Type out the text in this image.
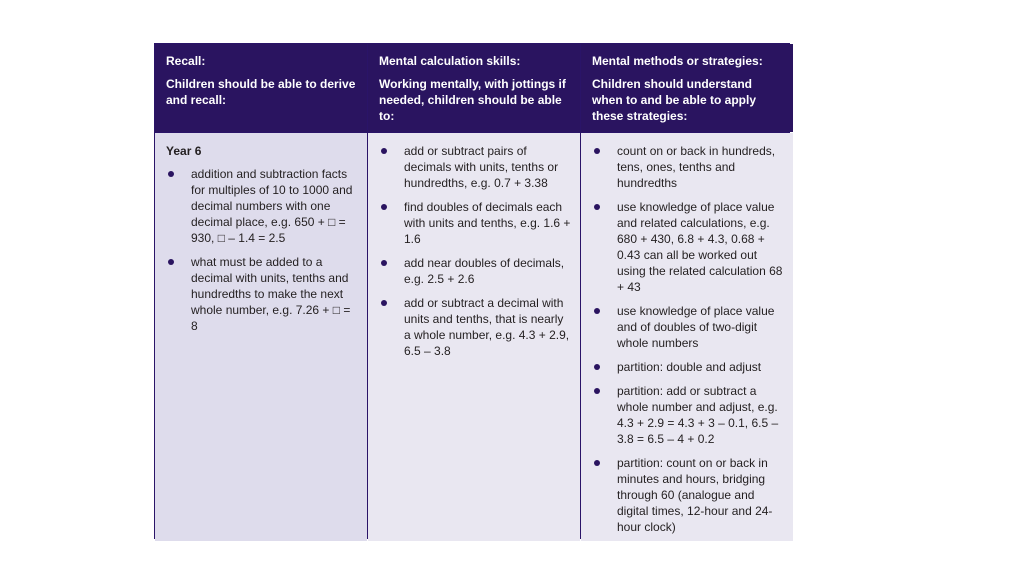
Recall:
Children should be able to derive and recall:
Mental calculation skills:
Working mentally, with jottings if needed, children should be able to:
Mental methods or strategies:
Children should understand when to and be able to apply these strategies:
Year 6
addition and subtraction facts for multiples of 10 to 1000 and decimal numbers with one decimal place, e.g. 650 + □ = 930, □ – 1.4 = 2.5
what must be added to a decimal with units, tenths and hundredths to make the next whole number, e.g. 7.26 + □ = 8
add or subtract pairs of decimals with units, tenths or hundredths, e.g. 0.7 + 3.38
find doubles of decimals each with units and tenths, e.g. 1.6 + 1.6
add near doubles of decimals, e.g. 2.5 + 2.6
add or subtract a decimal with units and tenths, that is nearly a whole number, e.g. 4.3 + 2.9, 6.5 – 3.8
count on or back in hundreds, tens, ones, tenths and hundredths
use knowledge of place value and related calculations, e.g. 680 + 430, 6.8 + 4.3, 0.68 + 0.43 can all be worked out using the related calculation 68 + 43
use knowledge of place value and of doubles of two-digit whole numbers
partition: double and adjust
partition: add or subtract a whole number and adjust, e.g. 4.3 + 2.9 = 4.3 + 3 – 0.1, 6.5 – 3.8 = 6.5 – 4 + 0.2
partition: count on or back in minutes and hours, bridging through 60 (analogue and digital times, 12-hour and 24-hour clock)
